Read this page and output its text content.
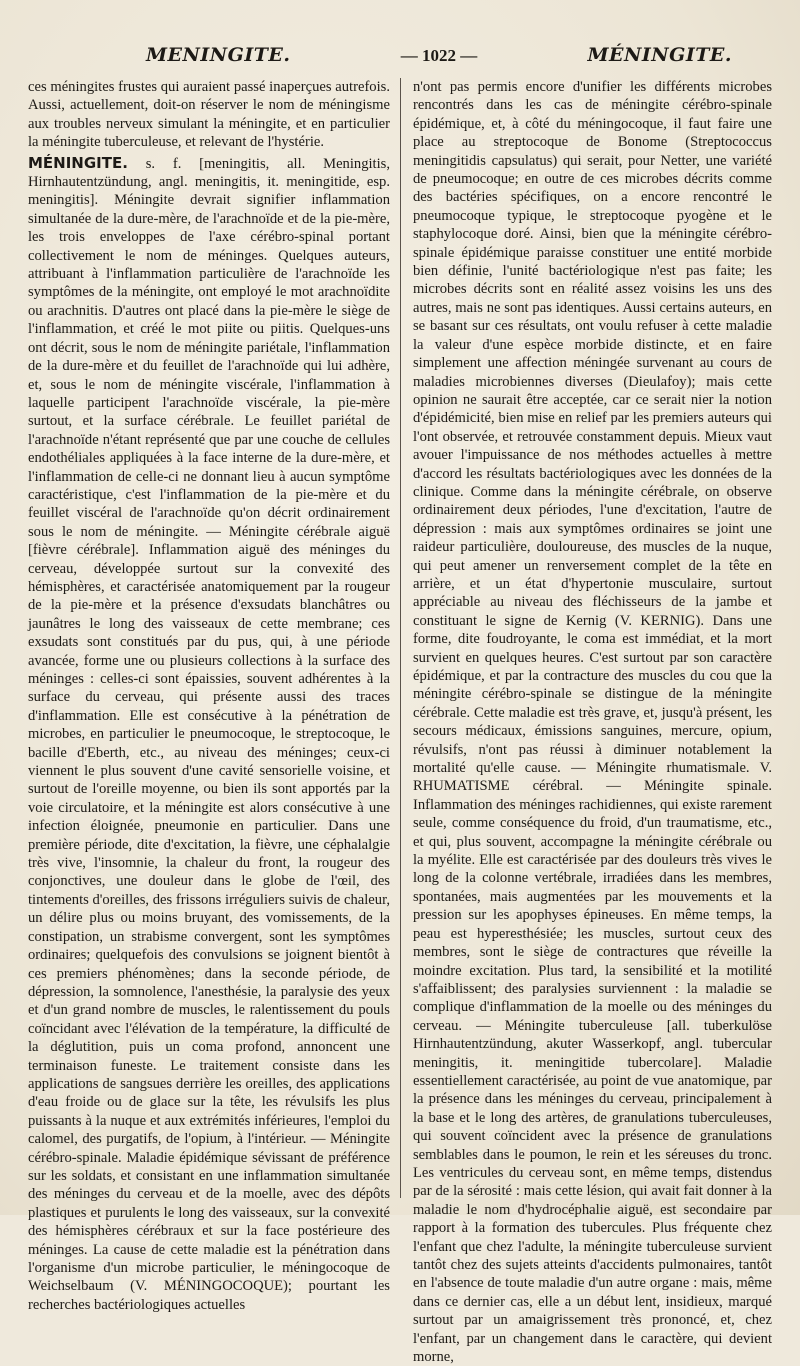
MENINGITE.	— 1022 —	MÉNINGITE.

ces méningites frustes qui auraient passé inaperçues autrefois. Aussi, actuellement, doit-on réserver le nom de méningisme aux troubles nerveux simulant la méningite, et en particulier la méningite tuberculeuse, et relevant de l'hystérie.

MÉNINGITE. s. f. [meningitis, all. Meningitis, Hirnhautentzündung, angl. meningitis, it. meningitide, esp. meningitis]. Méningite devrait signifier inflammation simultanée de la dure-mère, de l'arachnoïde et de la pie-mère, les trois enveloppes de l'axe cérébro-spinal portant collectivement le nom de méninges. Quelques auteurs, attribuant à l'inflammation particulière de l'arachnoïde les symptômes de la méningite, ont employé le mot arachnoïdite ou arachnitis. D'autres ont placé dans la pie-mère le siège de l'inflammation, et créé le mot piite ou piitis. Quelques-uns ont décrit, sous le nom de méningite pariétale, l'inflammation de la dure-mère et du feuillet de l'arachnoïde qui lui adhère, et, sous le nom de méningite viscérale, l'inflammation à laquelle participent l'arachnoïde viscérale, la pie-mère surtout, et la surface cérébrale. Le feuillet pariétal de l'arachnoïde n'étant représenté que par une couche de cellules endothéliales appliquées à la face interne de la dure-mère, et l'inflammation de celle-ci ne donnant lieu à aucun symptôme caractéristique, c'est l'inflammation de la pie-mère et du feuillet viscéral de l'arachnoïde qu'on décrit ordinairement sous le nom de méningite. — Méningite cérébrale aiguë [fièvre cérébrale]. Inflammation aiguë des méninges du cerveau, développée surtout sur la convexité des hémisphères, et caractérisée anatomiquement par la rougeur de la pie-mère et la présence d'exsudats blanchâtres ou jaunâtres le long des vaisseaux de cette membrane; ces exsudats sont constitués par du pus, qui, à une période avancée, forme une ou plusieurs collections à la surface des méninges : celles-ci sont épaissies, souvent adhérentes à la surface du cerveau, qui présente aussi des traces d'inflammation. Elle est consécutive à la pénétration de microbes, en particulier le pneumocoque, le streptocoque, le bacille d'Eberth, etc., au niveau des méninges; ceux-ci viennent le plus souvent d'une cavité sensorielle voisine, et surtout de l'oreille moyenne, ou bien ils sont apportés par la voie circulatoire, et la méningite est alors consécutive à une infection éloignée, pneumonie en particulier. Dans une première période, dite d'excitation, la fièvre, une céphalalgie très vive, l'insomnie, la chaleur du front, la rougeur des conjonctives, une douleur dans le globe de l'œil, des tintements d'oreilles, des frissons irréguliers suivis de chaleur, un délire plus ou moins bruyant, des vomissements, de la constipation, un strabisme convergent, sont les symptômes ordinaires; quelquefois des convulsions se joignent bientôt à ces premiers phénomènes; dans la seconde période, de dépression, la somnolence, l'anesthésie, la paralysie des yeux et d'un grand nombre de muscles, le ralentissement du pouls coïncidant avec l'élévation de la température, la difficulté de la déglutition, puis un coma profond, annoncent une terminaison funeste. Le traitement consiste dans les applications de sangsues derrière les oreilles, des applications d'eau froide ou de glace sur la tête, les révulsifs les plus puissants à la nuque et aux extrémités inférieures, l'emploi du calomel, des purgatifs, de l'opium, à l'intérieur. — Méningite cérébro-spinale. Maladie épidémique sévissant de préférence sur les soldats, et consistant en une inflammation simultanée des méninges du cerveau et de la moelle, avec des dépôts plastiques et purulents le long des vaisseaux, sur la convexité des hémisphères cérébraux et sur la face postérieure des méninges. La cause de cette maladie est la pénétration dans l'organisme d'un microbe particulier, le méningocoque de Weichselbaum (V. MÉNINGOCOQUE); pourtant les recherches bactériologiques actuelles

n'ont pas permis encore d'unifier les différents microbes rencontrés dans les cas de méningite cérébro-spinale épidémique, et, à côté du méningocoque, il faut faire une place au streptocoque de Bonome (Streptococcus meningitidis capsulatus) qui serait, pour Netter, une variété de pneumocoque; en outre de ces microbes décrits comme des bactéries spécifiques, on a encore rencontré le pneumocoque typique, le streptocoque pyogène et le staphylocoque doré. Ainsi, bien que la méningite cérébro-spinale épidémique paraisse constituer une entité morbide bien définie, l'unité bactériologique n'est pas faite; les microbes décrits sont en réalité assez voisins les uns des autres, mais ne sont pas identiques. Aussi certains auteurs, en se basant sur ces résultats, ont voulu refuser à cette maladie la valeur d'une espèce morbide distincte, et en faire simplement une affection méningée survenant au cours de maladies microbiennes diverses (Dieulafoy); mais cette opinion ne saurait être acceptée, car ce serait nier la notion d'épidémicité, bien mise en relief par les premiers auteurs qui l'ont observée, et retrouvée constamment depuis. Mieux vaut avouer l'impuissance de nos méthodes actuelles à mettre d'accord les résultats bactériologiques avec les données de la clinique. Comme dans la méningite cérébrale, on observe ordinairement deux périodes, l'une d'excitation, l'autre de dépression : mais aux symptômes ordinaires se joint une raideur particulière, douloureuse, des muscles de la nuque, qui peut amener un renversement complet de la tête en arrière, et un état d'hypertonie musculaire, surtout appréciable au niveau des fléchisseurs de la jambe et constituant le signe de Kernig (V. KERNIG). Dans une forme, dite foudroyante, le coma est immédiat, et la mort survient en quelques heures. C'est surtout par son caractère épidémique, et par la contracture des muscles du cou que la méningite cérébro-spinale se distingue de la méningite cérébrale. Cette maladie est très grave, et, jusqu'à présent, les secours médicaux, émissions sanguines, mercure, opium, révulsifs, n'ont pas réussi à diminuer notablement la mortalité qu'elle cause. — Méningite rhumatismale. V. RHUMATISME cérébral. — Méningite spinale. Inflammation des méninges rachidiennes, qui existe rarement seule, comme conséquence du froid, d'un traumatisme, etc., et qui, plus souvent, accompagne la méningite cérébrale ou la myélite. Elle est caractérisée par des douleurs très vives le long de la colonne vertébrale, irradiées dans les membres, spontanées, mais augmentées par les mouvements et la pression sur les apophyses épineuses. En même temps, la peau est hyperesthésiée; les muscles, surtout ceux des membres, sont le siège de contractures que réveille la moindre excitation. Plus tard, la sensibilité et la motilité s'affaiblissent; des paralysies surviennent : la maladie se complique d'inflammation de la moelle ou des méninges du cerveau. — Méningite tuberculeuse [all. tuberkulöse Hirnhautentzündung, akuter Wasserkopf, angl. tubercular meningitis, it. meningitide tubercolare]. Maladie essentiellement caractérisée, au point de vue anatomique, par la présence dans les méninges du cerveau, principalement à la base et le long des artères, de granulations tuberculeuses, qui souvent coïncident avec la présence de granulations semblables dans le poumon, le rein et les séreuses du tronc. Les ventricules du cerveau sont, en même temps, distendus par de la sérosité : mais cette lésion, qui avait fait donner à la maladie le nom d'hydrocéphalie aiguë, est secondaire par rapport à la formation des tubercules. Plus fréquente chez l'enfant que chez l'adulte, la méningite tuberculeuse survient tantôt chez des sujets atteints d'accidents pulmonaires, tantôt en l'absence de toute maladie d'un autre organe : mais, même dans ce dernier cas, elle a un début lent, insidieux, marqué surtout par un amaigrissement très prononcé, et, chez l'enfant, par un changement dans le caractère, qui devient morne,
